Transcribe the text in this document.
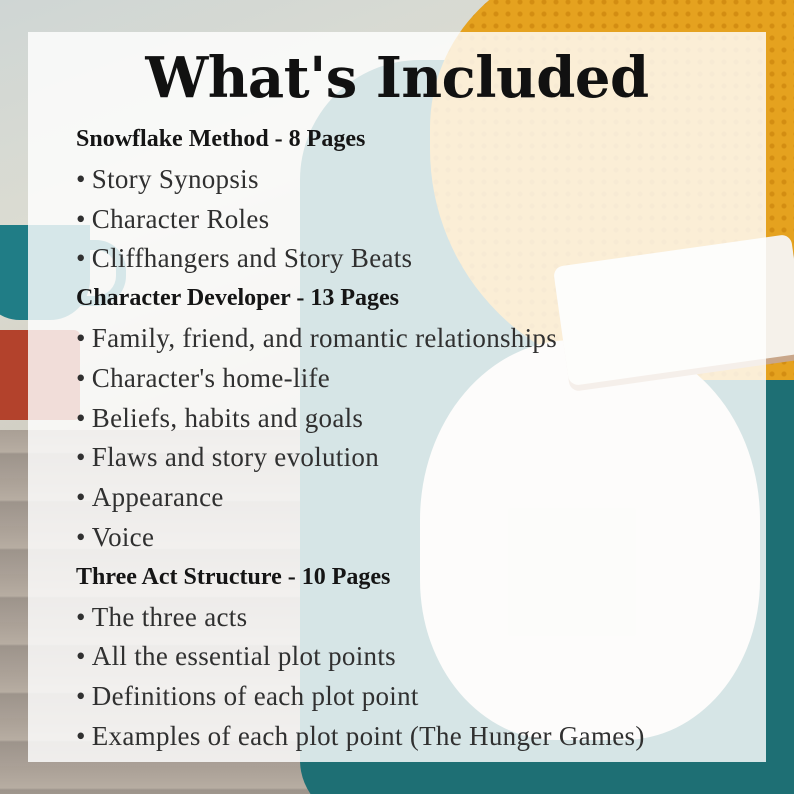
What's Included

Snowflake Method - 8 Pages

• Story Synopsis

• Character Roles

• Cliffhangers and Story Beats

Character Developer - 13 Pages

• Family, friend, and romantic relationships

• Character's home-life

• Beliefs, habits and goals

• Flaws and story evolution

• Appearance

• Voice

Three Act Structure - 10 Pages

• The three acts

• All the essential plot points

• Definitions of each plot point

• Examples of each plot point (The Hunger Games)
